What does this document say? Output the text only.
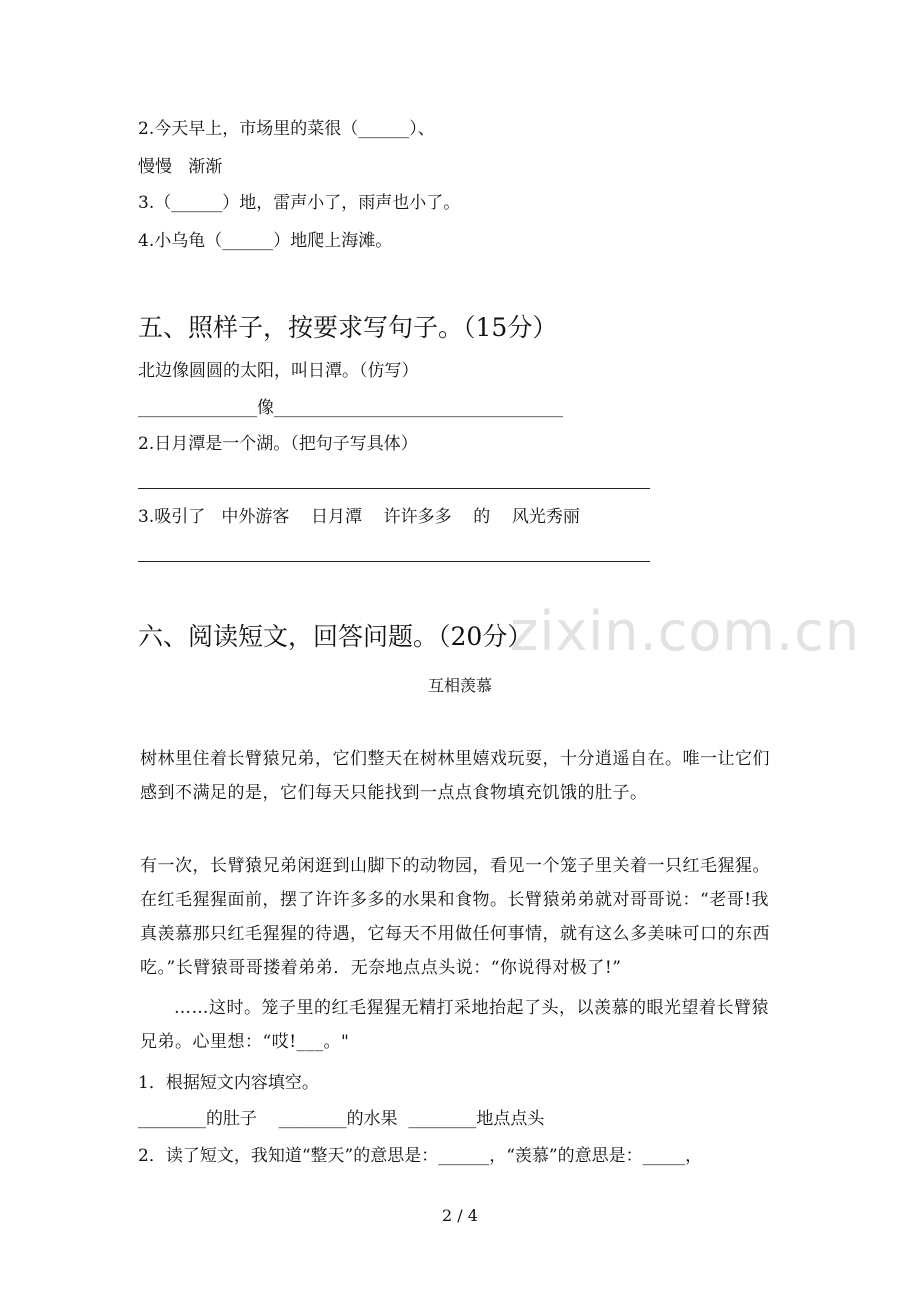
zixin.com.cn
2.今天早上，市场里的菜很（______）、
慢慢   渐渐
3.（______）地，雷声小了，雨声也小了。
4.小乌龟（______）地爬上海滩。
五、照样子，按要求写句子。（15分）
北边像圆圆的太阳，叫日潭。（仿写）
______________像__________________________________
2.日月潭是一个湖。（把句子写具体）
3.吸引了   中外游客    日月潭    许许多多    的    风光秀丽
六、阅读短文，回答问题。（20分）
互相羡慕
树林里住着长臂猿兄弟，它们整天在树林里嬉戏玩耍，十分逍遥自在。唯一让它们感到不满足的是，它们每天只能找到一点点食物填充饥饿的肚子。
有一次，长臂猿兄弟闲逛到山脚下的动物园，看见一个笼子里关着一只红毛猩猩。在红毛猩猩面前，摆了许许多多的水果和食物。长臂猿弟弟就对哥哥说：“老哥!我真羡慕那只红毛猩猩的待遇，它每天不用做任何事情，就有这么多美味可口的东西吃。”长臂猿哥哥搂着弟弟．无奈地点点头说：“你说得对极了!”
……这时。笼子里的红毛猩猩无精打采地抬起了头，以羡慕的眼光望着长臂猿兄弟。心里想：“哎!___。"
1．根据短文内容填空。
________的肚子    ________的水果  ________地点点头
2．读了短文，我知道“整天”的意思是：______，“羡慕”的意思是：_____，
2 / 4
